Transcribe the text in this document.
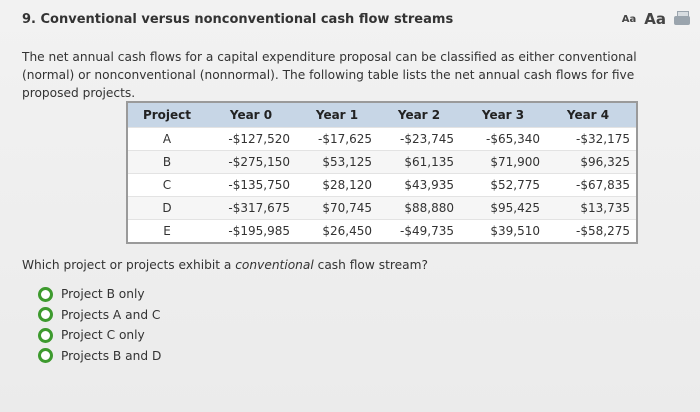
9. Conventional versus nonconventional cash flow streams	Aa Aa
The net annual cash flows for a capital expenditure proposal can be classified as either conventional (normal) or nonconventional (nonnormal). The following table lists the net annual cash flows for five proposed projects.
Project	Year 0	Year 1	Year 2	Year 3	Year 4
A	-$127,520	-$17,625	-$23,745	-$65,340	-$32,175
B	-$275,150	$53,125	$61,135	$71,900	$96,325
C	-$135,750	$28,120	$43,935	$52,775	-$67,835
D	-$317,675	$70,745	$88,880	$95,425	$13,735
E	-$195,985	$26,450	-$49,735	$39,510	-$58,275
Which project or projects exhibit a conventional cash flow stream?
Project B only
Projects A and C
Project C only
Projects B and D
